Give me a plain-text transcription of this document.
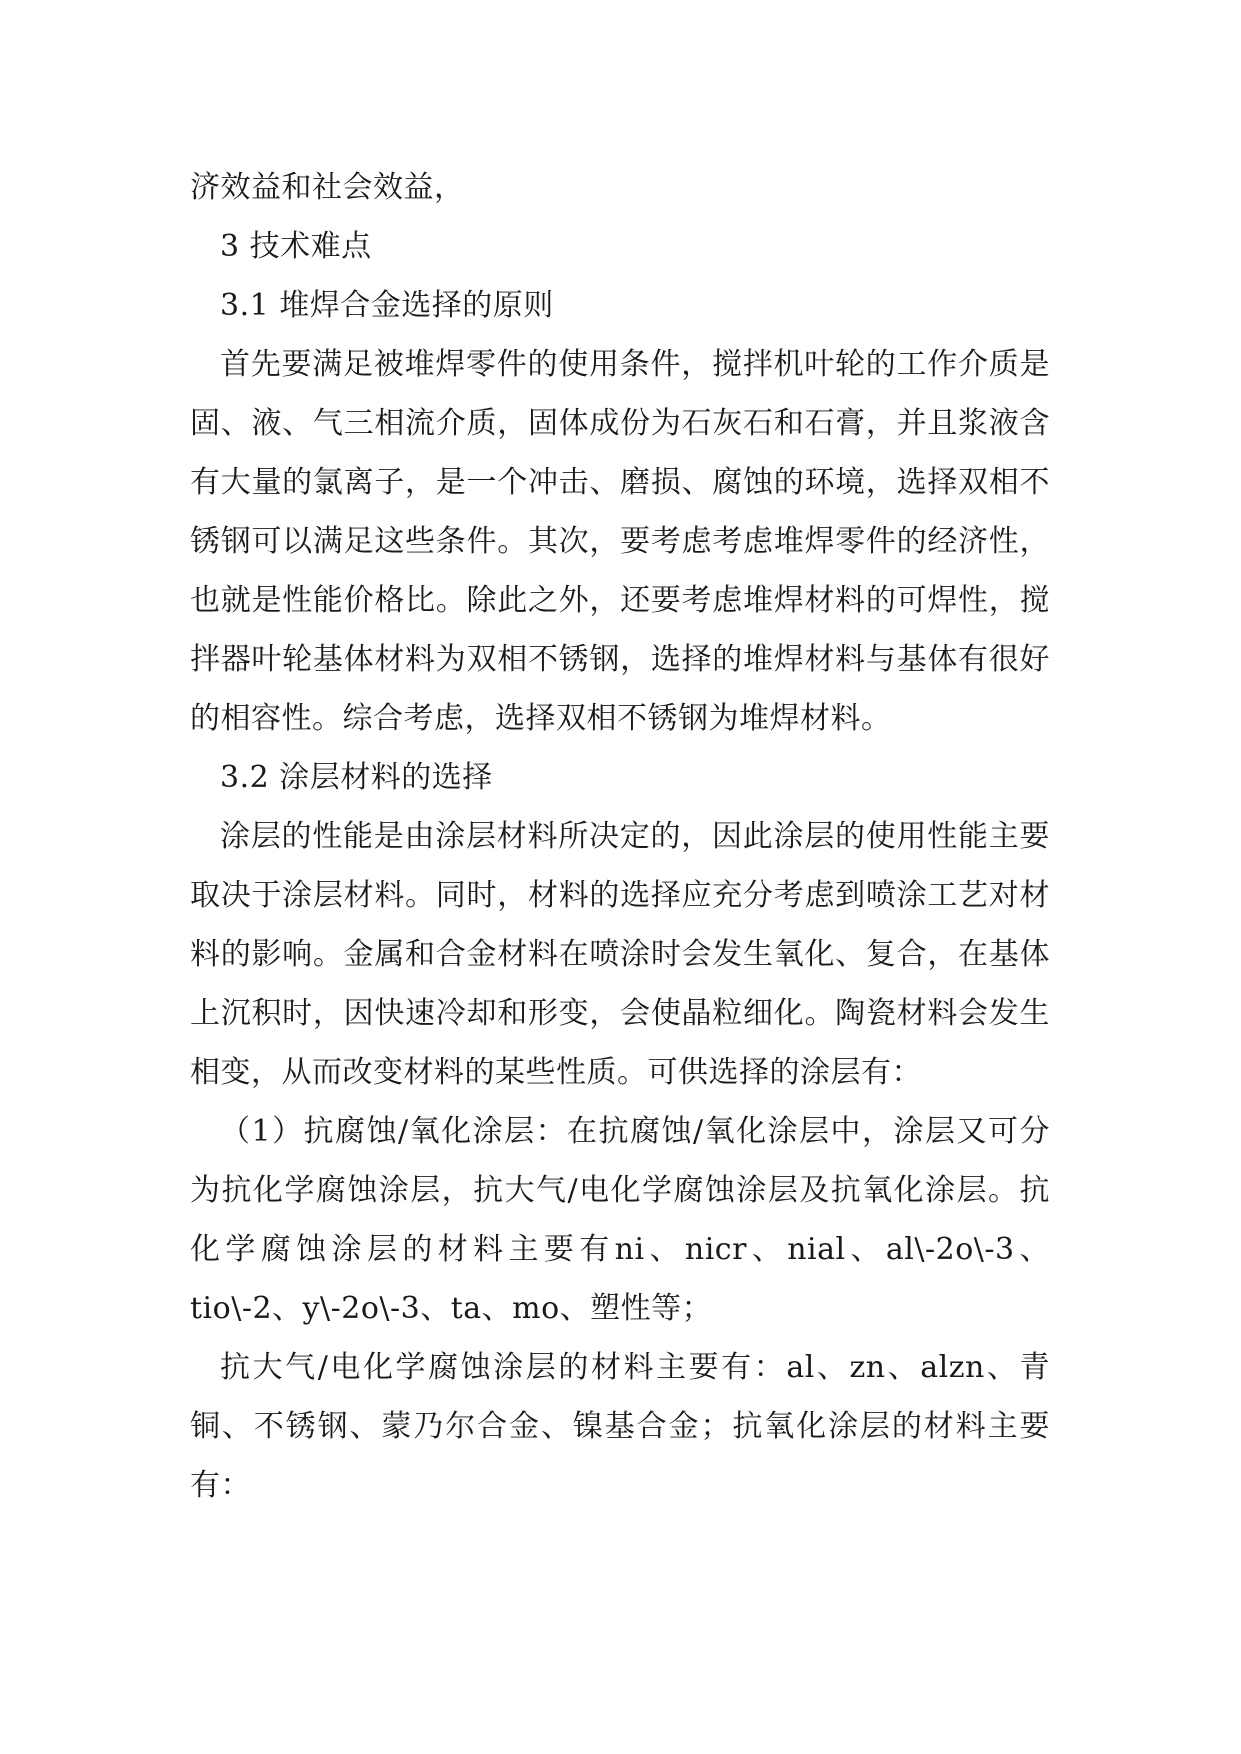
济效益和社会效益，

3 技术难点

3.1 堆焊合金选择的原则

首先要满足被堆焊零件的使用条件，搅拌机叶轮的工作介质是固、液、气三相流介质，固体成份为石灰石和石膏，并且浆液含有大量的氯离子，是一个冲击、磨损、腐蚀的环境，选择双相不锈钢可以满足这些条件。其次，要考虑考虑堆焊零件的经济性，也就是性能价格比。除此之外，还要考虑堆焊材料的可焊性，搅拌器叶轮基体材料为双相不锈钢，选择的堆焊材料与基体有很好的相容性。综合考虑，选择双相不锈钢为堆焊材料。

3.2 涂层材料的选择

涂层的性能是由涂层材料所决定的，因此涂层的使用性能主要取决于涂层材料。同时，材料的选择应充分考虑到喷涂工艺对材料的影响。金属和合金材料在喷涂时会发生氧化、复合，在基体上沉积时，因快速冷却和形变，会使晶粒细化。陶瓷材料会发生相变，从而改变材料的某些性质。可供选择的涂层有：

（1）抗腐蚀/氧化涂层：在抗腐蚀/氧化涂层中，涂层又可分为抗化学腐蚀涂层，抗大气/电化学腐蚀涂层及抗氧化涂层。抗化学腐蚀涂层的材料主要有ni、nicr、nial、al\-2o\-3、tio\-2、y\-2o\-3、ta、mo、塑性等；

抗大气/电化学腐蚀涂层的材料主要有：al、zn、alzn、青铜、不锈钢、蒙乃尔合金、镍基合金；抗氧化涂层的材料主要有：
